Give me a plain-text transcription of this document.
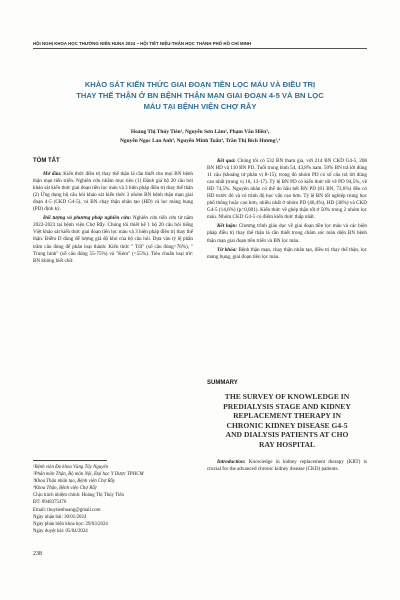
HỘI NGHỊ KHOA HỌC THƯỜNG NIÊN HUNA 2024 – HỘI TIẾT NIỆU-THẬN HỌC THÀNH PHỐ HỒ CHÍ MINH
KHẢO SÁT KIẾN THỨC GIAI ĐOẠN TIỀN LỌC MÁU VÀ ĐIỀU TRỊ
THAY THẾ THẬN Ở BN BỆNH THẬN MẠN GIAI ĐOẠN 4-5 VÀ BN LỌC
MÁU TẠI BỆNH VIỆN CHỢ RẪY
Hoàng Thị Thúy Tiên¹, Nguyễn Sơn Lâm², Phạm Văn Hiền³,
Nguyễn Ngọc Lan Anh⁴, Nguyễn Minh Tuấn⁴, Trần Thị Bích Hương²,⁴
TÓM TẮT

Mở đầu: Kiến thức điều trị thay thế thận là cần thiết cho mọi BN bệnh thận mạn tiến triển. Nghiên cứu nhằm mục tiêu (1) Đánh giá bộ 20 câu hỏi khảo sát kiến thức giai đoạn tiền lọc máu và 3 biện pháp điều trị thay thế thận (2) Ứng dụng bộ câu hỏi khảo sát kiến thức 3 nhóm BN bệnh thận mạn giai đoạn 4-5 (CKD G4-5), và BN chạy thận nhân tạo (HD) và lọc màng bụng (PD) định kỳ.

Đối tượng và phương pháp nghiên cứu: Nghiên cứu tiến cứu từ năm 2022-2023 tại bệnh viện Chợ Rẫy. Chúng tôi thiết kế 1 bộ 20 câu hỏi tiếng Việt khảo sát kiến thức giai đoạn tiền lọc máu và 3 biện pháp điều trị thay thế thận. Điểm D dùng để lượng giá độ khó của bộ câu hỏi. Dựa vào tỷ lệ phần trăm câu đúng để phân loại thành: Kiến thức " Tốt" (số câu đúng>76%), " Trung bình" (số câu đúng 55-75%) và "Kém" (<55%). Tiêu chuẩn loại trừ: BN không biết chữ.

Kết quả: Chúng tôi có 532 BN tham gia, với 214 BN CKD G4-5, 208 BN HD và 110 BN PD. Tuổi trung bình 54, 43,8% nam. 50% BN trả lời đúng 11 câu (khoảng tứ phân vị 8-15), trong đó nhóm PD có số câu trả lời đúng cao nhất (trung vị 16, 13-17). Tỷ lệ BN PD có kiến thức tốt về PD 94,5%, về HD 74,5%. Nguyên nhân có thể do hầu hết BN PD (81 BN, 73,6%) đều có HD trước đó và có trình độ học vấn cao hơn. Tỷ lệ BN tốt nghiệp trung học phổ thông hoặc cao hơn, nhiều nhất ở nhóm PD (46,4%), HD (38%) và CKD G4-5 (14,6%) (p<0,001). Kiến thức về ghép thận tốt ở 50% trong 2 nhóm lọc máu. Nhóm CKD G4-5 có điểm kiến thức thấp nhất.

Kết luận: Chương trình giáo dục về giai đoạn tiền lọc máu và các biện pháp điều trị thay thế thận là cần thiết trong chăm sóc toàn diện BN bệnh thận mạn giai đoạn tiền triển và BN lọc máu.

Từ khóa: Bệnh thận mạn, chạy thận nhân tạo, điều trị thay thế thận, lọc màng bụng, giai đoạn tiền lọc máu.

¹Bệnh viện Đa khoa Vùng Tây Nguyên
²Phân môn Thận, Bộ môn Nội, Đại học Y Dược TPHCM
³Khoa Thận nhân tạo, Bệnh viện Chợ Rẫy
⁴Khoa Thận, Bệnh viện Chợ Rẫy
Chịu trách nhiệm chính: Hoàng Thị Thúy Tiên
ĐT: 0948375476
Email: thuytienhoang@gmail.com
Ngày nhận bài: 30/01/2024
Ngày phản biện khoa học: 29/03/2024
Ngày duyệt bài: 05/04/2024
238
SUMMARY
THE SURVEY OF KNOWLEDGE IN
PREDIALYSIS STAGE AND KIDNEY
REPLACEMENT THERAPY IN
CHRONIC KIDNEY DISEASE G4-5
AND DIALYSIS PATIENTS AT CHO
RAY HOSPITAL

Introduction: Knowledge in kidney replacement therapy (KRT) is crucial for the advanced chronic kidney disease (CKD) patients.
